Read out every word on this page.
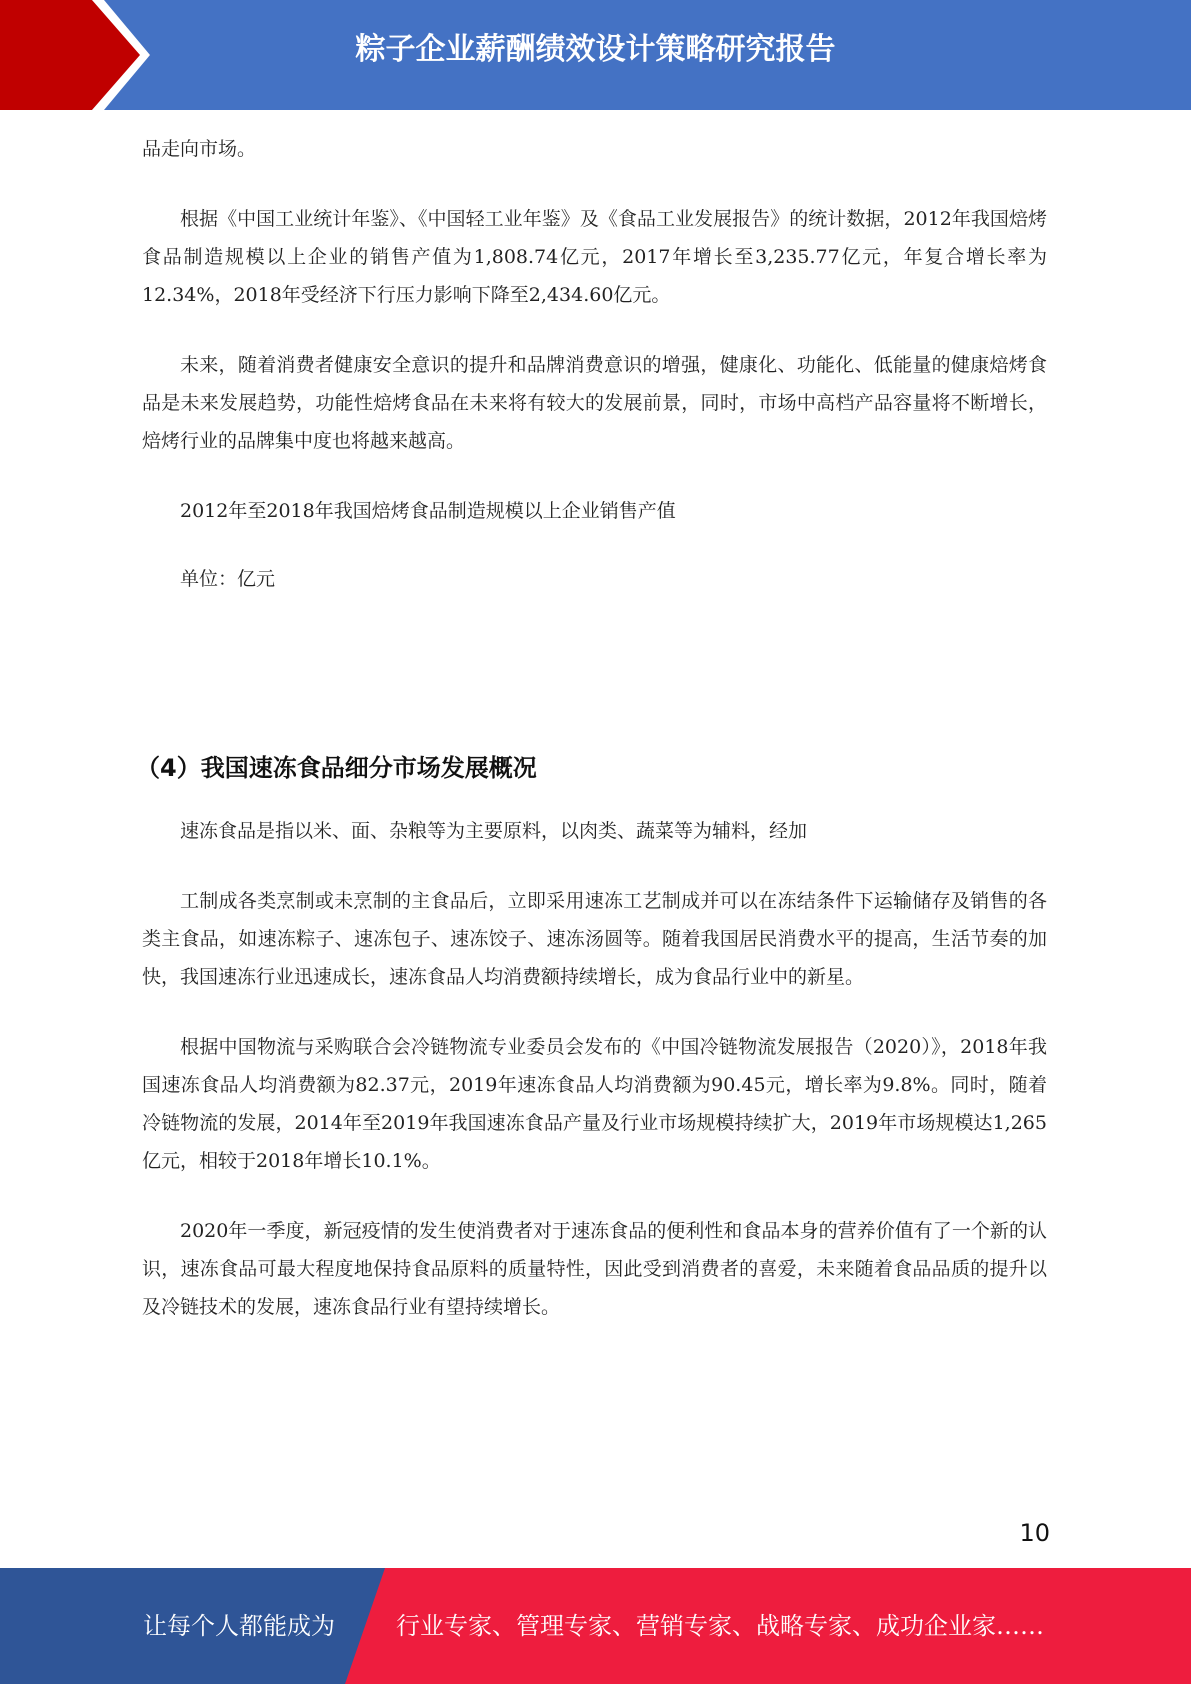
粽子企业薪酬绩效设计策略研究报告

品走向市场。

根据《中国工业统计年鉴》、《中国轻工业年鉴》及《食品工业发展报告》的统计数据，2012年我国焙烤食品制造规模以上企业的销售产值为1,808.74亿元，2017年增长至3,235.77亿元，年复合增长率为12.34%，2018年受经济下行压力影响下降至2,434.60亿元。

未来，随着消费者健康安全意识的提升和品牌消费意识的增强，健康化、功能化、低能量的健康焙烤食品是未来发展趋势，功能性焙烤食品在未来将有较大的发展前景，同时，市场中高档产品容量将不断增长，焙烤行业的品牌集中度也将越来越高。

2012年至2018年我国焙烤食品制造规模以上企业销售产值

单位：亿元

（4）我国速冻食品细分市场发展概况

速冻食品是指以米、面、杂粮等为主要原料，以肉类、蔬菜等为辅料，经加

工制成各类烹制或未烹制的主食品后，立即采用速冻工艺制成并可以在冻结条件下运输储存及销售的各类主食品，如速冻粽子、速冻包子、速冻饺子、速冻汤圆等。随着我国居民消费水平的提高，生活节奏的加快，我国速冻行业迅速成长，速冻食品人均消费额持续增长，成为食品行业中的新星。

根据中国物流与采购联合会冷链物流专业委员会发布的《中国冷链物流发展报告（2020）》，2018年我国速冻食品人均消费额为82.37元，2019年速冻食品人均消费额为90.45元，增长率为9.8%。同时，随着冷链物流的发展，2014年至2019年我国速冻食品产量及行业市场规模持续扩大，2019年市场规模达1,265亿元，相较于2018年增长10.1%。

2020年一季度，新冠疫情的发生使消费者对于速冻食品的便利性和食品本身的营养价值有了一个新的认识，速冻食品可最大程度地保持食品原料的质量特性，因此受到消费者的喜爱，未来随着食品品质的提升以及冷链技术的发展，速冻食品行业有望持续增长。

10
让每个人都能成为	行业专家、管理专家、营销专家、战略专家、成功企业家……
